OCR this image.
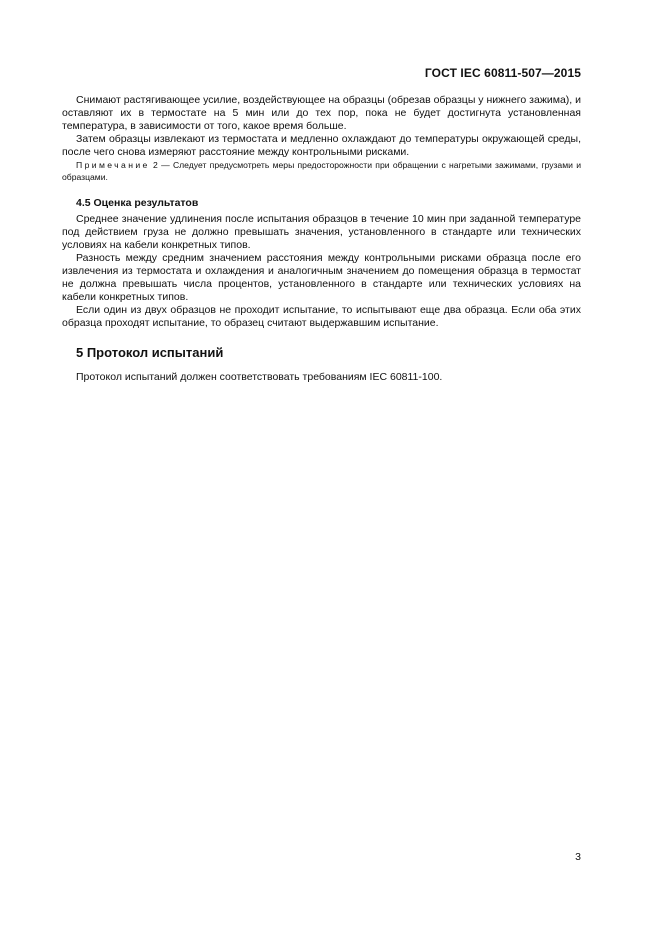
ГОСТ IEC 60811-507—2015

Снимают растягивающее усилие, воздействующее на образцы (обрезав образцы у нижнего зажима), и оставляют их в термостате на 5 мин или до тех пор, пока не будет достигнута установленная температура, в зависимости от того, какое время больше.

Затем образцы извлекают из термостата и медленно охлаждают до температуры окружающей среды, после чего снова измеряют расстояние между контрольными рисками.

Примечание 2 — Следует предусмотреть меры предосторожности при обращении с нагретыми зажимами, грузами и образцами.

4.5 Оценка результатов

Среднее значение удлинения после испытания образцов в течение 10 мин при заданной температуре под действием груза не должно превышать значения, установленного в стандарте или технических условиях на кабели конкретных типов.

Разность между средним значением расстояния между контрольными рисками образца после его извлечения из термостата и охлаждения и аналогичным значением до помещения образца в термостат не должна превышать числа процентов, установленного в стандарте или технических условиях на кабели конкретных типов.

Если один из двух образцов не проходит испытание, то испытывают еще два образца. Если оба этих образца проходят испытание, то образец считают выдержавшим испытание.

5 Протокол испытаний

Протокол испытаний должен соответствовать требованиям IEC 60811-100.

3
